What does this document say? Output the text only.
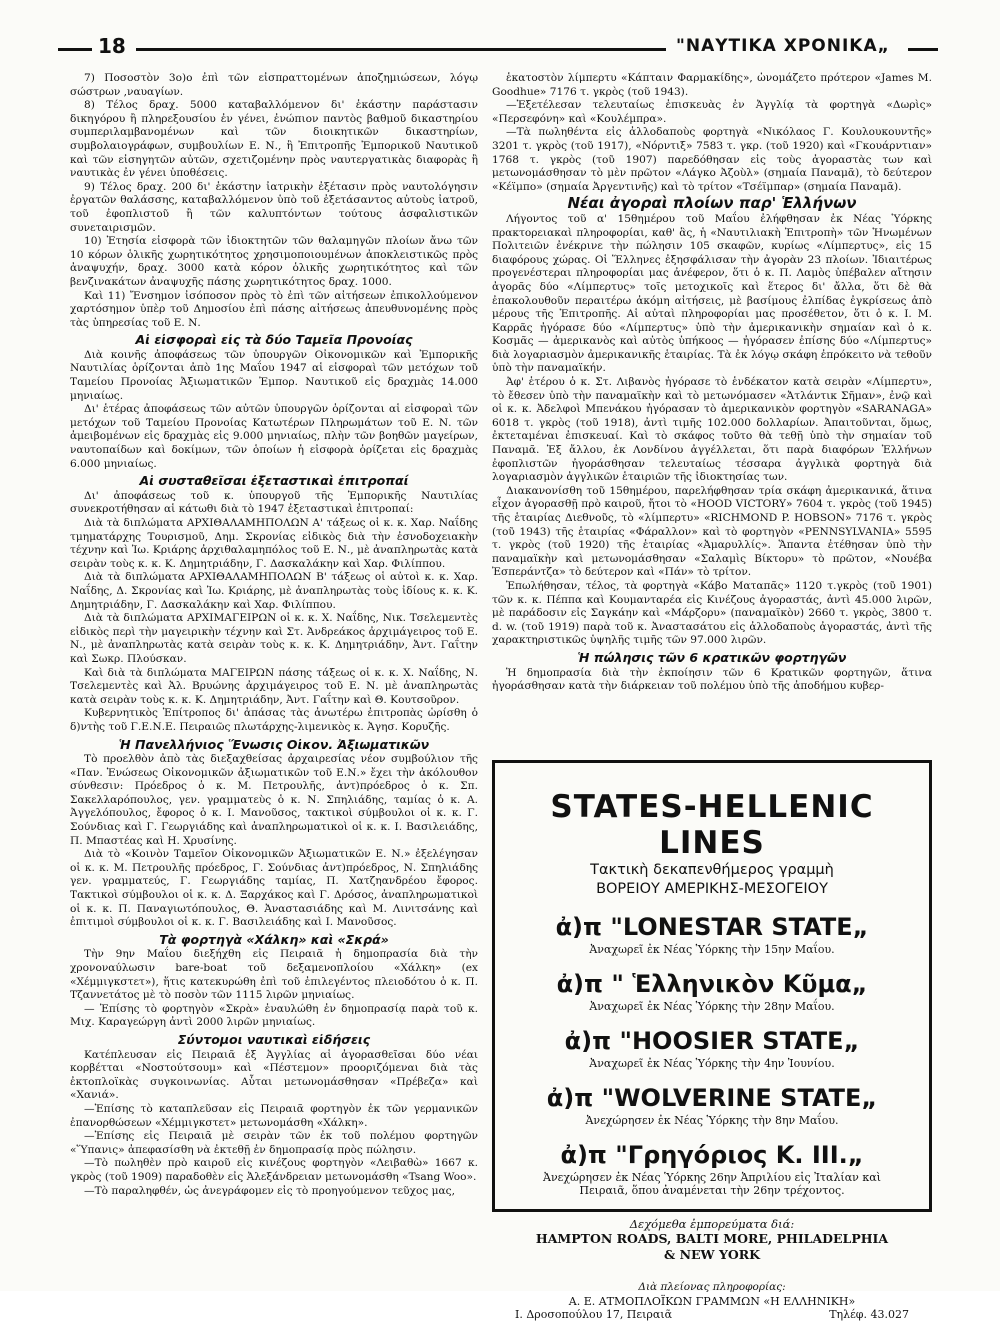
18	"ΝΑΥΤΙΚΑ ΧΡΟΝΙΚΑ„

7) Ποσοστὸν 3ο)ο ἐπὶ τῶν εἰσπραττομένων ἀποζημιώσεων, λόγῳ σώστρων ,ναυαγίων.

8) Τέλος δραχ. 5000 καταβαλλόμενον δι' ἑκάστην παράστασιν δικηγόρου ἢ πληρεξουσίου ἐν γένει, ἐνώπιον παντὸς βαθμοῦ δικαστηρίου συμπεριλαμβανομένων καὶ τῶν διοικητικῶν δικαστηρίων, συμβολαιογράφων, συμβουλίων Ε. Ν., ἢ Ἐπιτροπῆς Ἐμπορικοῦ Ναυτικοῦ καὶ τῶν εἰσηγητῶν αὐτῶν, σχετιζομένην πρὸς ναυτεργατικὰς διαφορὰς ἢ ναυτικὰς ἐν γένει ὑποθέσεις.

9) Τέλος δραχ. 200 δι' ἑκάστην ἰατρικὴν ἐξέτασιν πρὸς ναυτολόγησιν ἐργατῶν θαλάσσης, καταβαλλόμενον ὑπὸ τοῦ ἐξετάσαντος αὐτοὺς ἰατροῦ, τοῦ ἐφοπλιστοῦ ἢ τῶν καλυπτόντων τούτους ἀσφαλιστικῶν συνεταιρισμῶν.

10) Ἐτησία εἰσφορὰ τῶν ἰδιοκτητῶν τῶν θαλαμηγῶν πλοίων ἄνω τῶν 10 κόρων ὁλικῆς χωρητικότητος χρησιμοποιουμένων ἀποκλειστικῶς πρὸς ἀναψυχήν, δραχ. 3000 κατὰ κόρον ὁλικῆς χωρητικότητος καὶ τῶν βενζινακάτων ἀναψυχῆς πάσης χωρητικότητος δραχ. 1000.

Καὶ 11) Ἔνσημον ἰσόποσον πρὸς τὸ ἐπὶ τῶν αἰτήσεων ἐπικολλούμενον χαρτόσημον ὑπὲρ τοῦ Δημοσίου ἐπὶ πάσης αἰτήσεως ἀπευθυνομένης πρὸς τὰς ὑπηρεσίας τοῦ Ε. Ν.

Αἱ εἰσφοραὶ εἰς τὰ δύο Ταμεῖα Προνοίας

Διὰ κοινῆς ἀποφάσεως τῶν ὑπουργῶν Οἰκονομικῶν καὶ Ἐμπορικῆς Ναυτιλίας ὁρίζονται ἀπὸ 1ης Μαΐου 1947 αἱ εἰσφοραὶ τῶν μετόχων τοῦ Ταμείου Προνοίας Ἀξιωματικῶν Ἐμπορ. Ναυτικοῦ εἰς δραχμὰς 14.000 μηνιαίως.

Δι' ἑτέρας ἀποφάσεως τῶν αὐτῶν ὑπουργῶν ὁρίζονται αἱ εἰσφοραὶ τῶν μετόχων τοῦ Ταμείου Προνοίας Κατωτέρων Πληρωμάτων τοῦ Ε. Ν. τῶν ἀμειβομένων εἰς δραχμὰς εἰς 9.000 μηνιαίως, πλὴν τῶν βοηθῶν μαγείρων, ναυτοπαίδων καὶ δοκίμων, τῶν ὁποίων ἡ εἰσφορὰ ὁρίζεται εἰς δραχμὰς 6.000 μηνιαίως.

Αἱ συσταθεῖσαι ἐξεταστικαὶ ἐπιτροπαί

Δι' ἀποφάσεως τοῦ κ. ὑπουργοῦ τῆς Ἐμπορικῆς Ναυτιλίας συνεκροτήθησαν αἱ κάτωθι διὰ τὸ 1947 ἐξεταστικαὶ ἐπιτροπαί:

Διὰ τὰ διπλώματα ΑΡΧΙΘΑΛΑΜΗΠΟΛΩΝ Α' τάξεως οἱ κ. κ. Χαρ. Ναΐδης τμηματάρχης Τουρισμοῦ, Δημ. Σκρονίας εἰδικὸς διὰ τὴν ἐσνοδοχειακὴν τέχνην καὶ Ἰω. Κριάρης ἀρχιθαλαμηπόλος τοῦ Ε. Ν., μὲ ἀναπληρωτὰς κατὰ σειρὰν τοὺς κ. κ. Κ. Δημητριάδην, Γ. Δασκαλάκην καὶ Χαρ. Φιλίππου.

Διὰ τὰ διπλώματα ΑΡΧΙΘΑΛΑΜΗΠΟΛΩΝ Β' τάξεως οἱ αὐτοὶ κ. κ. Χαρ. Ναΐδης, Δ. Σκρονίας καὶ Ἰω. Κριάρης, μὲ ἀναπληρωτὰς τοὺς ἰδίους κ. κ. Κ. Δημητριάδην, Γ. Δασκαλάκην καὶ Χαρ. Φιλίππου.

Διὰ τὰ διπλώματα ΑΡΧΙΜΑΓΕΙΡΩΝ οἱ κ. κ. Χ. Ναΐδης, Νικ. Τσελεμεντὲς εἰδικὸς περὶ τὴν μαγειρικὴν τέχνην καὶ Στ. Ἀνδρεάκος ἀρχιμάγειρος τοῦ Ε. Ν., μὲ ἀναπληρωτὰς κατὰ σειρὰν τοὺς κ. κ. Κ. Δημητριάδην, Ἀντ. Γαΐτην καὶ Σωκρ. Πλούσκαν.

Καὶ διὰ τὰ διπλώματα ΜΑΓΕΙΡΩΝ πάσης τάξεως οἱ κ. κ. Χ. Ναΐδης, Ν. Τσελεμεντὲς καὶ Ἀλ. Βρυώνης ἀρχιμάγειρος τοῦ Ε. Ν. μὲ ἀναπληρωτὰς κατὰ σειρὰν τοὺς κ. κ. Κ. Δημητριάδην, Ἀντ. Γαΐτην καὶ Θ. Κουτσοῦρον.

Κυβερνητικὸς Ἐπίτροπος δι' ἁπάσας τὰς ἀνωτέρω ἐπιτροπὰς ὡρίσθη ὁ δ)ντὴς τοῦ Γ.Ε.Ν.Ε. Πειραιῶς πλωτάρχης-λιμενικὸς κ. Ἀγησ. Κορυζῆς.

Ἡ Πανελλήνιος Ἕνωσις Οἰκον. Ἀξιωματικῶν

Τὸ προελθὸν ἀπὸ τὰς διεξαχθείσας ἀρχαιρεσίας νέον συμβούλιον τῆς «Παν. Ἑνώσεως Οἰκονομικῶν ἀξιωματικῶν τοῦ Ε.Ν.» ἔχει τὴν ἀκόλουθον σύνθεσιν: Πρόεδρος ὁ κ. Μ. Πετρουλῆς, ἀντ)πρόεδρος ὁ κ. Σπ. Σακελλαρόπουλος, γεν. γραμματεὺς ὁ κ. Ν. Σπηλιάδης, ταμίας ὁ κ. Α. Ἀγγελόπουλος, ἔφορος ὁ κ. Ι. Μανοῦσος, τακτικοὶ σύμβουλοι οἱ κ. κ. Γ. Σούνδιας καὶ Γ. Γεωργιάδης καὶ ἀναπληρωματικοὶ οἱ κ. κ. Ι. Βασιλειάδης, Π. Μπαστέας καὶ Η. Χρυσίνης.

Διὰ τὸ «Κοινὸν Ταμεῖον Οἰκονομικῶν Ἀξιωματικῶν Ε. Ν.» ἐξελέγησαν οἱ κ. κ. Μ. Πετρουλῆς πρόεδρος, Γ. Σούνδιας ἀντ)πρόεδρος, Ν. Σπηλιάδης γεν. γραμματεύς, Γ. Γεωργιάδης ταμίας, Π. Χατζηανδρέου ἔφορος. Τακτικοὶ σύμβουλοι οἱ κ. κ. Δ. Ξαρχάκος καὶ Γ. Δρόσος, ἀναπληρωματικοὶ οἱ κ. κ. Π. Παναγιωτόπουλος, Θ. Ἀναστασιάδης καὶ Μ. Λινιτσάνης καὶ ἐπιτιμοὶ σύμβουλοι οἱ κ. κ. Γ. Βασιλειάδης καὶ Ι. Μανοῦσος.

Τὰ φορτηγὰ «Χάλκη» καὶ «Σκρά»

Τὴν 9ην Μαΐου διεξήχθη εἰς Πειραιᾶ ἡ δημοπρασία διὰ τὴν χρονοναύλωσιν bare-boat τοῦ δεξαμενοπλοίου «Χάλκη» (ex «Χέμμιγκστετ»), ἥτις κατεκυρώθη ἐπὶ τοῦ ἐπιλεγέντος πλειοδότου ὁ κ. Π. Τζαννετάτος μὲ τὸ ποσὸν τῶν 1115 λιρῶν μηνιαίως.

— Ἐπίσης τὸ φορτηγὸν «Σκρὰ» ἐναυλώθη ἐν δημοπρασίᾳ παρὰ τοῦ κ. Μιχ. Καραγεώργη ἀντὶ 2000 λιρῶν μηνιαίως.

Σύντομοι ναυτικαὶ εἰδήσεις

Κατέπλευσαν εἰς Πειραιᾶ ἐξ Ἀγγλίας αἱ ἀγορασθεῖσαι δύο νέαι κορβέτται «Νοστούτσουμ» καὶ «Πέστεμον» προοριζόμεναι διὰ τὰς ἐκτοπλοϊκὰς συγκοινωνίας. Αὗται μετωνομάσθησαν «Πρέβεζα» καὶ «Χανιά».

—Ἐπίσης τὸ καταπλεῦσαν εἰς Πειραιᾶ φορτηγὸν ἐκ τῶν γερμανικῶν ἐπανορθώσεων «Χέμμιγκστετ» μετωνομάσθη «Χάλκη».

—Ἐπίσης εἰς Πειραιᾶ μὲ σειρὰν τῶν ἐκ τοῦ πολέμου φορτηγῶν «Ὕπανις» ἀπεφασίσθη νὰ ἐκτεθῇ ἐν δημοπρασίᾳ πρὸς πώλησιν.

—Τὸ πωληθὲν πρὸ καιροῦ εἰς κινέζους φορτηγὸν «Λειβαθὼ» 1667 κ. γκρὸς (τοῦ 1909) παραδοθὲν εἰς Ἀλεξάνδρειαν μετωνομάσθη «Tsang Woo».

—Τὸ παραληφθέν, ὡς ἀνεγράφομεν εἰς τὸ προηγούμενον τεῦχος μας,

ἑκατοστὸν λίμπερτυ «Κάπταιν Φαρμακίδης», ὠνομάζετο πρότερον «James M. Goodhue» 7176 τ. γκρὸς (τοῦ 1943).

—Ἐξετέλεσαν τελευταίως ἐπισκευὰς ἐν Ἀγγλίᾳ τὰ φορτηγὰ «Δωρὶς» «Περσεφόνη» καὶ «Κουλέμπρα».

—Τὰ πωληθέντα εἰς ἀλλοδαποὺς φορτηγὰ «Νικόλαος Γ. Κουλουκουντῆς» 3201 τ. γκρὸς (τοῦ 1917), «Νόρντιξ» 7583 τ. γκρ. (τοῦ 1920) καὶ «Γκουάρντιαν» 1768 τ. γκρὸς (τοῦ 1907) παρεδόθησαν εἰς τοὺς ἀγοραστὰς των καὶ μετωνομάσθησαν τὸ μὲν πρῶτον «Λάγκο Ἀζοὺλ» (σημαία Παναμᾶ), τὸ δεύτερον «Κέϊμπο» (σημαία Ἀργεντινῆς) καὶ τὸ τρίτον «Τσέϊμπαρ» (σημαία Παναμᾶ).

Νέαι ἀγοραὶ πλοίων παρ' Ἑλλήνων

Λήγοντος τοῦ α' 15θημέρου τοῦ Μαΐου ἐλήφθησαν ἐκ Νέας Ὑόρκης πρακτορειακαὶ πληροφορίαι, καθ' ἃς, ἡ «Ναυτιλιακὴ Ἐπιτροπὴ» τῶν Ἡνωμένων Πολιτειῶν ἐνέκρινε τὴν πώλησιν 105 σκαφῶν, κυρίως «Λίμπερτυς», εἰς 15 διαφόρους χώρας. Οἱ Ἕλληνες ἐξησφάλισαν τὴν ἀγορὰν 23 πλοίων. Ἰδιαιτέρως προγενέστεραι πληροφορίαι μας ἀνέφερον, ὅτι ὁ κ. Π. Λαμὸς ὑπέβαλεν αἴτησιν ἀγορᾶς δύο «Λίμπερτυς» τοῖς μετοχικοῖς καὶ ἕτερος δι' ἄλλα, ὅτι δὲ θὰ ἐπακολουθοῦν περαιτέρω ἀκόμη αἰτήσεις, μὲ βασίμους ἐλπίδας ἐγκρίσεως ἀπὸ μέρους τῆς Ἐπιτροπῆς. Αἱ αὐταὶ πληροφορίαι μας προσέθετον, ὅτι ὁ κ. Ι. Μ. Καρρᾶς ἠγόρασε δύο «Λίμπερτυς» ὑπὸ τὴν ἀμερικανικὴν σημαίαν καὶ ὁ κ. Κοσμᾶς — ἀμερικανὸς καὶ αὐτὸς ὑπήκοος — ἠγόρασεν ἐπίσης δύο «Λίμπερτυς» διὰ λογαριασμὸν ἀμερικανικῆς ἑταιρίας. Τὰ ἐκ λόγῳ σκάφη ἐπρόκειτο νὰ τεθοῦν ὑπὸ τὴν παναμαϊκήν.

Ἀφ' ἑτέρου ὁ κ. Στ. Λιβανὸς ἠγόρασε τὸ ἑνδέκατον κατὰ σειρὰν «Λίμπερτυ», τὸ ἔθεσεν ὑπὸ τὴν παναμαϊκὴν καὶ τὸ μετωνόμασεν «Ἀτλάντικ Σῆμαν», ἐνῷ καὶ οἱ κ. κ. Ἀδελφοὶ Μπενάκου ἠγόρασαν τὸ ἀμερικανικὸν φορτηγὸν «SARANAGA» 6018 τ. γκρὸς (τοῦ 1918), ἀντὶ τιμῆς 102.000 δολλαρίων. Ἀπαιτοῦνται, ὅμως, ἐκτεταμέναι ἐπισκευαί. Καὶ τὸ σκάφος τοῦτο θὰ τεθῇ ὑπὸ τὴν σημαίαν τοῦ Παναμᾶ. Ἐξ ἄλλου, ἐκ Λονδίνου ἀγγέλλεται, ὅτι παρὰ διαφόρων Ἑλλήνων ἐφοπλιστῶν ἠγοράσθησαν τελευταίως τέσσαρα ἀγγλικὰ φορτηγὰ διὰ λογαριασμὸν ἀγγλικῶν ἑταιριῶν τῆς ἰδιοκτησίας των.

Διακανονίσθη τοῦ 15θημέρου, παρελήφθησαν τρία σκάφη ἀμερικανικά, ἅτινα εἶχον ἀγορασθῇ πρὸ καιροῦ, ἤτοι τὸ «HOOD VICTORY» 7604 τ. γκρὸς (τοῦ 1945) τῆς ἑταιρίας Διεθνοῦς, τὸ «λίμπερτυ» «RICHMOND P. HOBSON» 7176 τ. γκρὸς (τοῦ 1943) τῆς ἑταιρίας «Φάραλλον» καὶ τὸ φορτηγὸν «PENNSYLVANIA» 5595 τ. γκρὸς (τοῦ 1920) τῆς ἑταιρίας «Ἀμαρυλλίς». Ἅπαντα ἐτέθησαν ὑπὸ τὴν παναμαϊκὴν καὶ μετωνομάσθησαν «Σαλαμὶς Βίκτορυ» τὸ πρῶτον, «Νουέβα Ἐσπεράντζα» τὸ δεύτερον καὶ «Πάν» τὸ τρίτον.

Ἐπωλήθησαν, τέλος, τὰ φορτηγὰ «Κάβο Ματαπᾶς» 1120 τ.γκρὸς (τοῦ 1901) τῶν κ. κ. Πέππα καὶ Κουμανταρέα εἰς Κινέζους ἀγοραστάς, ἀντὶ 45.000 λιρῶν, μὲ παράδοσιν εἰς Σαγκάην καὶ «Μάρζορυ» (παναμαϊκὸν) 2660 τ. γκρὸς, 3800 τ. d. w. (τοῦ 1919) παρὰ τοῦ κ. Ἀναστασάτου εἰς ἀλλοδαποὺς ἀγοραστάς, ἀντὶ τῆς χαρακτηριστικῶς ὑψηλῆς τιμῆς τῶν 97.000 λιρῶν.

Ἡ πώλησις τῶν 6 κρατικῶν φορτηγῶν

Ἡ δημοπρασία διὰ τὴν ἐκποίησιν τῶν 6 Κρατικῶν φορτηγῶν, ἅτινα ἠγοράσθησαν κατὰ τὴν διάρκειαν τοῦ πολέμου ὑπὸ τῆς ἀποδήμου κυβερ-

STATES-HELLENIC LINES
Τακτικὴ δεκαπενθήμερος γραμμὴ
ΒΟΡΕΙΟΥ ΑΜΕΡΙΚΗΣ-ΜΕΣΟΓΕΙΟΥ
ἀ)π "LONESTAR STATE„
Ἀναχωρεῖ ἐκ Νέας Ὑόρκης τὴν 15ην Μαΐου.
ἀ)π " Ἑλληνικὸν Κῦμα„
Ἀναχωρεῖ ἐκ Νέας Ὑόρκης τὴν 28ην Μαΐου.
ἀ)π "HOOSIER STATE„
Ἀναχωρεῖ ἐκ Νέας Ὑόρκης τὴν 4ην Ἰουνίου.
ἀ)π "WOLVERINE STATE„
Ἀνεχώρησεν ἐκ Νέας Ὑόρκης τὴν 8ην Μαΐου.
ἀ)π "Γρηγόριος Κ. III.„
Ἀνεχώρησεν ἐκ Νέας Ὑόρκης 26ην Ἀπριλίου εἰς Ἰταλίαν καὶ Πειραιᾶ, ὅπου ἀναμένεται τὴν 26ην τρέχοντος.
Δεχόμεθα ἐμπορεύματα διά:
HAMPTON ROADS, BALTI MORE, PHILADELPHIA
& NEW YORK
Διὰ πλείονας πληροφορίας:
Α. Ε. ΑΤΜΟΠΛΟΪΚΩΝ ΓΡΑΜΜΩΝ «Η ΕΛΛΗΝΙΚΗ»
Ι. Δροσοπούλου 17, Πειραιᾶ	Τηλέφ. 43.027
